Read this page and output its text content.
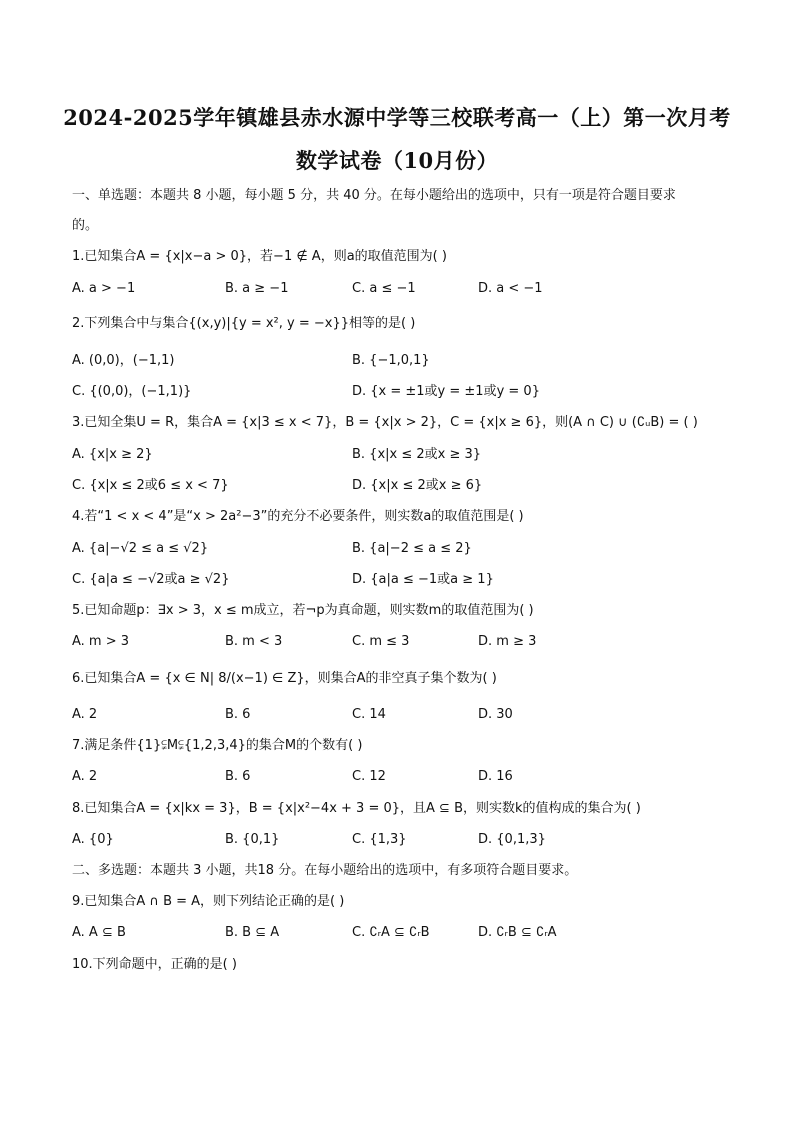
2024-2025学年镇雄县赤水源中学等三校联考高一（上）第一次月考
数学试卷（10月份）
一、单选题：本题共 8 小题，每小题 5 分，共 40 分。在每小题给出的选项中，只有一项是符合题目要求
的。
1.已知集合A = {x|x−a > 0}，若−1 ∉ A，则a的取值范围为( )
A. a > −1	B. a ≥ −1	C. a ≤ −1	D. a < −1
2.下列集合中与集合{(x,y)|{y = x², y = −x}}相等的是( )
A. (0,0)，(−1,1)	B. {−1,0,1}
C. {(0,0)，(−1,1)}	D. {x = ±1或y = ±1或y = 0}
3.已知全集U = R，集合A = {x|3 ≤ x < 7}，B = {x|x > 2}，C = {x|x ≥ 6}，则(A ∩ C) ∪ (∁ᵤB) = ( )
A. {x|x ≥ 2}	B. {x|x ≤ 2或x ≥ 3}
C. {x|x ≤ 2或6 ≤ x < 7}	D. {x|x ≤ 2或x ≥ 6}
4.若“1 < x < 4”是“x > 2a²−3”的充分不必要条件，则实数a的取值范围是( )
A. {a|−√2 ≤ a ≤ √2}	B. {a|−2 ≤ a ≤ 2}
C. {a|a ≤ −√2或a ≥ √2}	D. {a|a ≤ −1或a ≥ 1}
5.已知命题p：∃x > 3，x ≤ m成立，若¬p为真命题，则实数m的取值范围为( )
A. m > 3	B. m < 3	C. m ≤ 3	D. m ≥ 3
6.已知集合A = {x ∈ N| 8/(x−1) ∈ Z}，则集合A的非空真子集个数为( )
A. 2	B. 6	C. 14	D. 30
7.满足条件{1}⫋M⫋{1,2,3,4}的集合M的个数有( )
A. 2	B. 6	C. 12	D. 16
8.已知集合A = {x|kx = 3}，B = {x|x²−4x + 3 = 0}，且A ⊆ B，则实数k的值构成的集合为( )
A. {0}	B. {0,1}	C. {1,3}	D. {0,1,3}
二、多选题：本题共 3 小题，共18 分。在每小题给出的选项中，有多项符合题目要求。
9.已知集合A ∩ B = A，则下列结论正确的是( )
A. A ⊆ B	B. B ⊆ A	C. ∁ᵣA ⊆ ∁ᵣB	D. ∁ᵣB ⊆ ∁ᵣA
10.下列命题中，正确的是( )
